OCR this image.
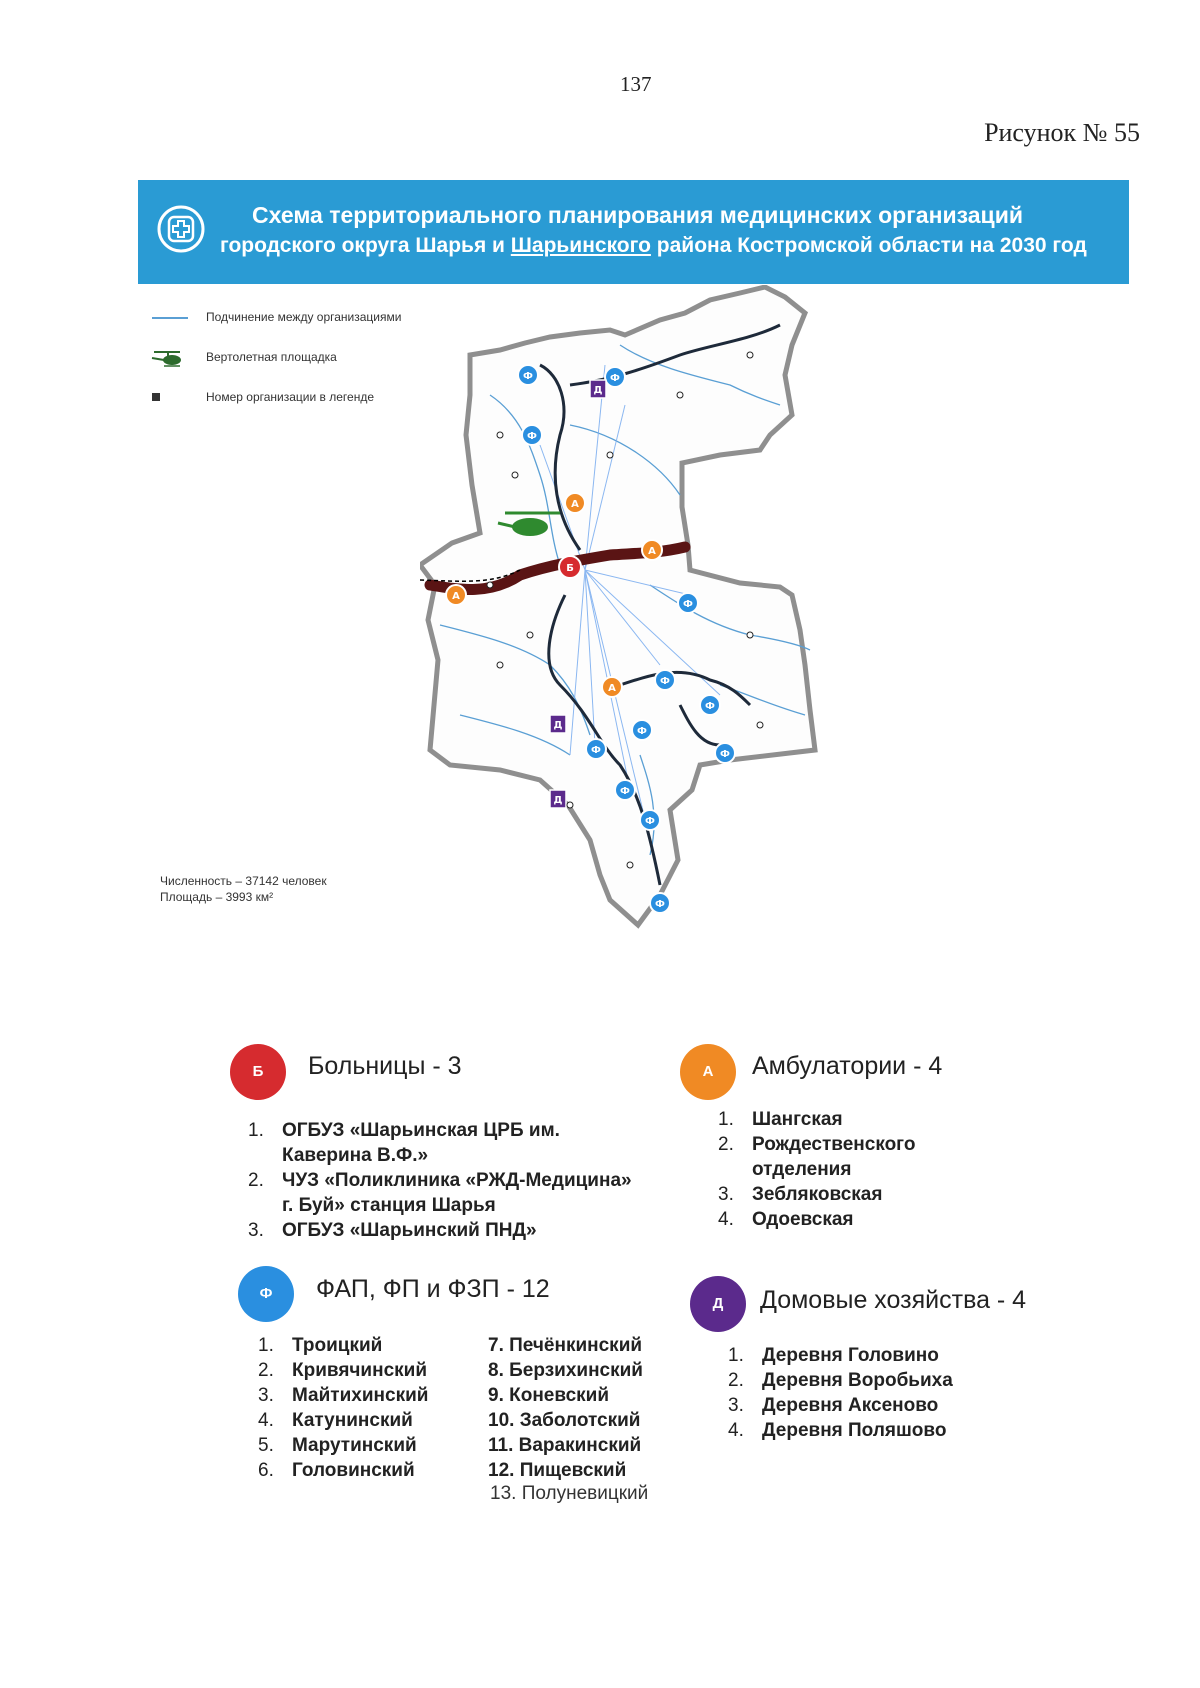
137
Рисунок № 55
Схема территориального планирования медицинских организаций
городского округа Шарья и Шарьинского района Костромской области на 2030 год
Подчинение между организациями
Вертолетная площадка
Номер организации в легенде
Б
А
А
А
А
Ф	Ф
Ф
Ф
Ф
Ф
Ф
Ф
Ф
Ф
Ф
Ф
Д
Д
Д
Численность – 37142 человек
Площадь – 3993 км²
Б	Больницы - 3
1. ОГБУЗ «Шарьинская ЦРБ им.
Каверина В.Ф.»
2. ЧУЗ «Поликлиника «РЖД-Медицина»
г. Буй» станция Шарья
3. ОГБУЗ «Шарьинский ПНД»
А	Амбулатории - 4
1. Шангская
2. Рождественского
отделения
3. Зебляковская
4. Одоевская
Ф	ФАП, ФП и ФЗП - 12
1. Троицкий
2. Кривячинский
3. Майтихинский
4. Катунинский
5. Марутинский
6. Головинский
7. Печёнкинский
8. Берзихинский
9. Коневский
10. Заболотский
11. Варакинский
12. Пищевский
13. Полуневицкий
Д	Домовые хозяйства - 4
1. Деревня Головино
2. Деревня Воробьиха
3. Деревня Аксеново
4. Деревня Поляшово
